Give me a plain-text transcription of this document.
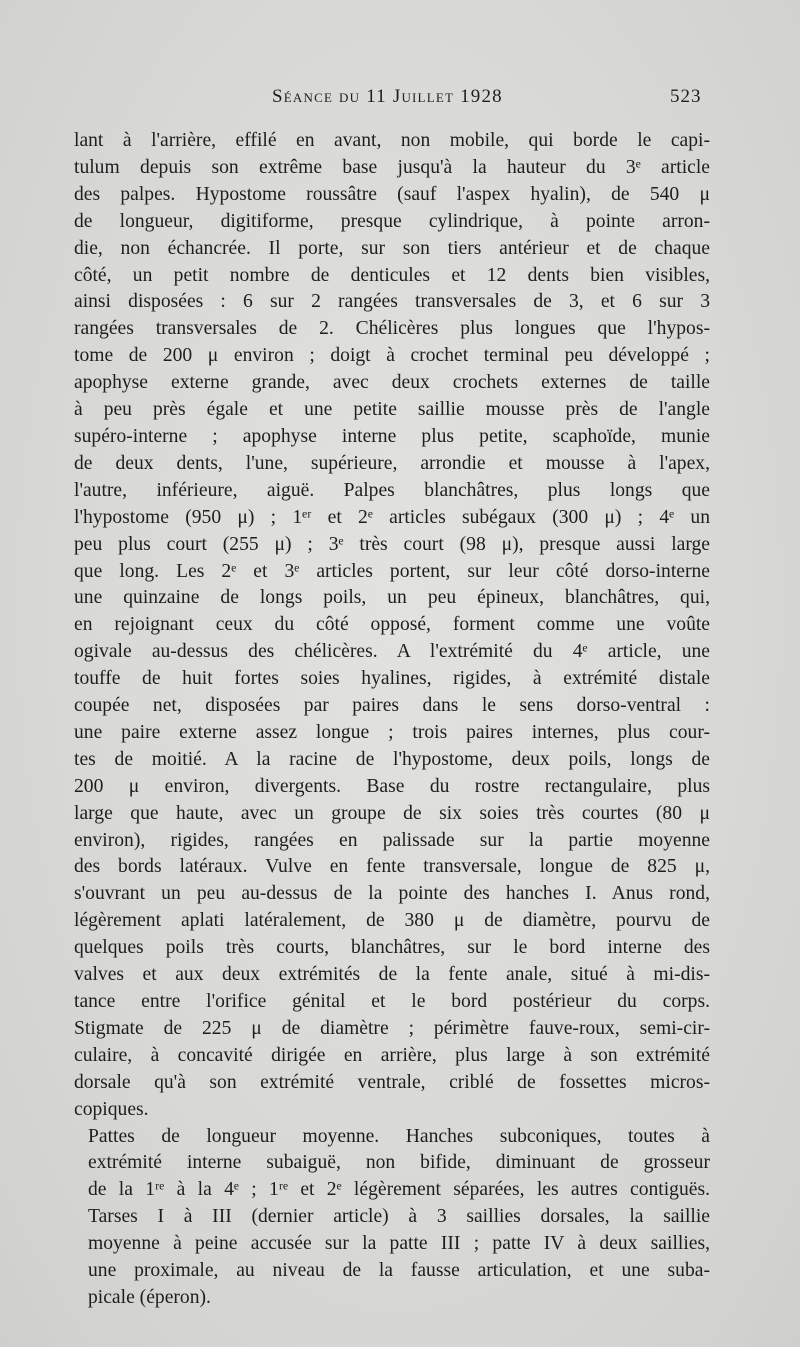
Séance du 11 Juillet 1928	523

lant à l'arrière, effilé en avant, non mobile, qui borde le capi-
tulum depuis son extrême base jusqu'à la hauteur du 3ᵉ article
des palpes. Hypostome roussâtre (sauf l'aspex hyalin), de 540 μ
de longueur, digitiforme, presque cylindrique, à pointe arron-
die, non échancrée. Il porte, sur son tiers antérieur et de chaque
côté, un petit nombre de denticules et 12 dents bien visibles,
ainsi disposées : 6 sur 2 rangées transversales de 3, et 6 sur 3
rangées transversales de 2. Chélicères plus longues que l'hypos-
tome de 200 μ environ ; doigt à crochet terminal peu développé ;
apophyse externe grande, avec deux crochets externes de taille
à peu près égale et une petite saillie mousse près de l'angle
supéro-interne ; apophyse interne plus petite, scaphoïde, munie
de deux dents, l'une, supérieure, arrondie et mousse à l'apex,
l'autre, inférieure, aiguë. Palpes blanchâtres, plus longs que
l'hypostome (950 μ) ; 1ᵉʳ et 2ᵉ articles subégaux (300 μ) ; 4ᵉ un
peu plus court (255 μ) ; 3ᵉ très court (98 μ), presque aussi large
que long. Les 2ᵉ et 3ᵉ articles portent, sur leur côté dorso-interne
une quinzaine de longs poils, un peu épineux, blanchâtres, qui,
en rejoignant ceux du côté opposé, forment comme une voûte
ogivale au-dessus des chélicères. A l'extrémité du 4ᵉ article, une
touffe de huit fortes soies hyalines, rigides, à extrémité distale
coupée net, disposées par paires dans le sens dorso-ventral :
une paire externe assez longue ; trois paires internes, plus cour-
tes de moitié. A la racine de l'hypostome, deux poils, longs de
200 μ environ, divergents. Base du rostre rectangulaire, plus
large que haute, avec un groupe de six soies très courtes (80 μ
environ), rigides, rangées en palissade sur la partie moyenne
des bords latéraux. Vulve en fente transversale, longue de 825 μ,
s'ouvrant un peu au-dessus de la pointe des hanches I. Anus rond,
légèrement aplati latéralement, de 380 μ de diamètre, pourvu de
quelques poils très courts, blanchâtres, sur le bord interne des
valves et aux deux extrémités de la fente anale, situé à mi-dis-
tance entre l'orifice génital et le bord postérieur du corps.
Stigmate de 225 μ de diamètre ; périmètre fauve-roux, semi-cir-
culaire, à concavité dirigée en arrière, plus large à son extrémité
dorsale qu'à son extrémité ventrale, criblé de fossettes micros-
copiques.

Pattes de longueur moyenne. Hanches subconiques, toutes à
extrémité interne subaiguë, non bifide, diminuant de grosseur
de la 1ʳᵉ à la 4ᵉ ; 1ʳᵉ et 2ᵉ légèrement séparées, les autres contiguës.
Tarses I à III (dernier article) à 3 saillies dorsales, la saillie
moyenne à peine accusée sur la patte III ; patte IV à deux saillies,
une proximale, au niveau de la fausse articulation, et une suba-
picale (éperon).
